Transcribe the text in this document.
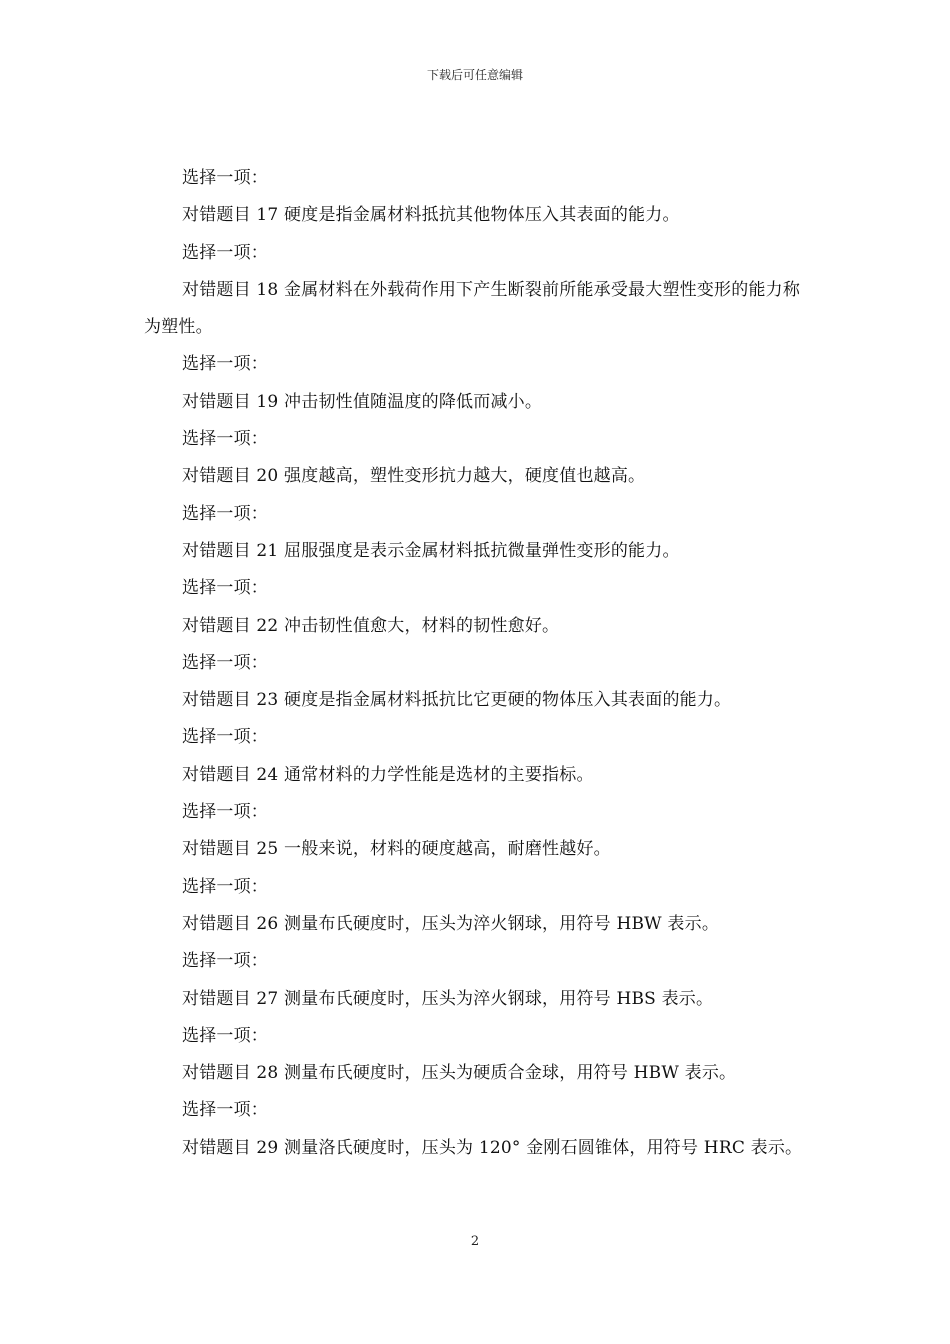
下载后可任意编辑

选择一项：

对错题目 17 硬度是指金属材料抵抗其他物体压入其表面的能力。

选择一项：

对错题目 18 金属材料在外载荷作用下产生断裂前所能承受最大塑性变形的能力称为塑性。

选择一项：

对错题目 19 冲击韧性值随温度的降低而减小。

选择一项：

对错题目 20 强度越高，塑性变形抗力越大，硬度值也越高。

选择一项：

对错题目 21 屈服强度是表示金属材料抵抗微量弹性变形的能力。

选择一项：

对错题目 22 冲击韧性值愈大，材料的韧性愈好。

选择一项：

对错题目 23 硬度是指金属材料抵抗比它更硬的物体压入其表面的能力。

选择一项：

对错题目 24 通常材料的力学性能是选材的主要指标。

选择一项：

对错题目 25 一般来说，材料的硬度越高，耐磨性越好。

选择一项：

对错题目 26 测量布氏硬度时，压头为淬火钢球，用符号 HBW 表示。

选择一项：

对错题目 27 测量布氏硬度时，压头为淬火钢球，用符号 HBS 表示。

选择一项：

对错题目 28 测量布氏硬度时，压头为硬质合金球，用符号 HBW 表示。

选择一项：

对错题目 29 测量洛氏硬度时，压头为 120° 金刚石圆锥体，用符号 HRC 表示。

2
